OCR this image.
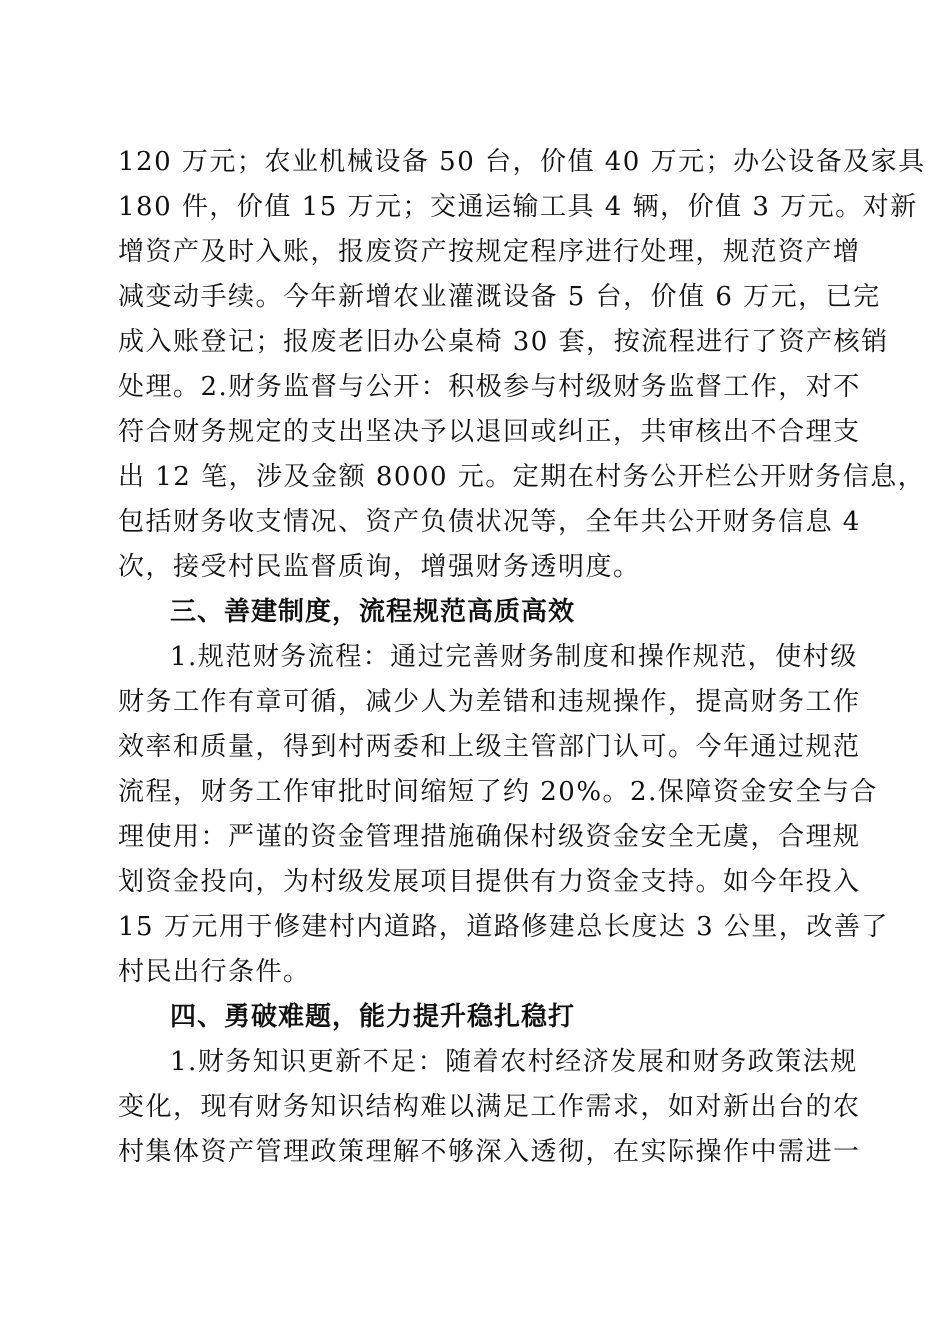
120 万元；农业机械设备 50 台，价值 40 万元；办公设备及家具
180 件，价值 15 万元；交通运输工具 4 辆，价值 3 万元。对新
增资产及时入账，报废资产按规定程序进行处理，规范资产增
减变动手续。今年新增农业灌溉设备 5 台，价值 6 万元，已完
成入账登记；报废老旧办公桌椅 30 套，按流程进行了资产核销
处理。2.财务监督与公开：积极参与村级财务监督工作，对不
符合财务规定的支出坚决予以退回或纠正，共审核出不合理支
出 12 笔，涉及金额 8000 元。定期在村务公开栏公开财务信息，
包括财务收支情况、资产负债状况等，全年共公开财务信息 4
次，接受村民监督质询，增强财务透明度。

三、善建制度，流程规范高质高效

1.规范财务流程：通过完善财务制度和操作规范，使村级
财务工作有章可循，减少人为差错和违规操作，提高财务工作
效率和质量，得到村两委和上级主管部门认可。今年通过规范
流程，财务工作审批时间缩短了约 20%。2.保障资金安全与合
理使用：严谨的资金管理措施确保村级资金安全无虞，合理规
划资金投向，为村级发展项目提供有力资金支持。如今年投入
15 万元用于修建村内道路，道路修建总长度达 3 公里，改善了
村民出行条件。

四、勇破难题，能力提升稳扎稳打

1.财务知识更新不足：随着农村经济发展和财务政策法规
变化，现有财务知识结构难以满足工作需求，如对新出台的农
村集体资产管理政策理解不够深入透彻，在实际操作中需进一
